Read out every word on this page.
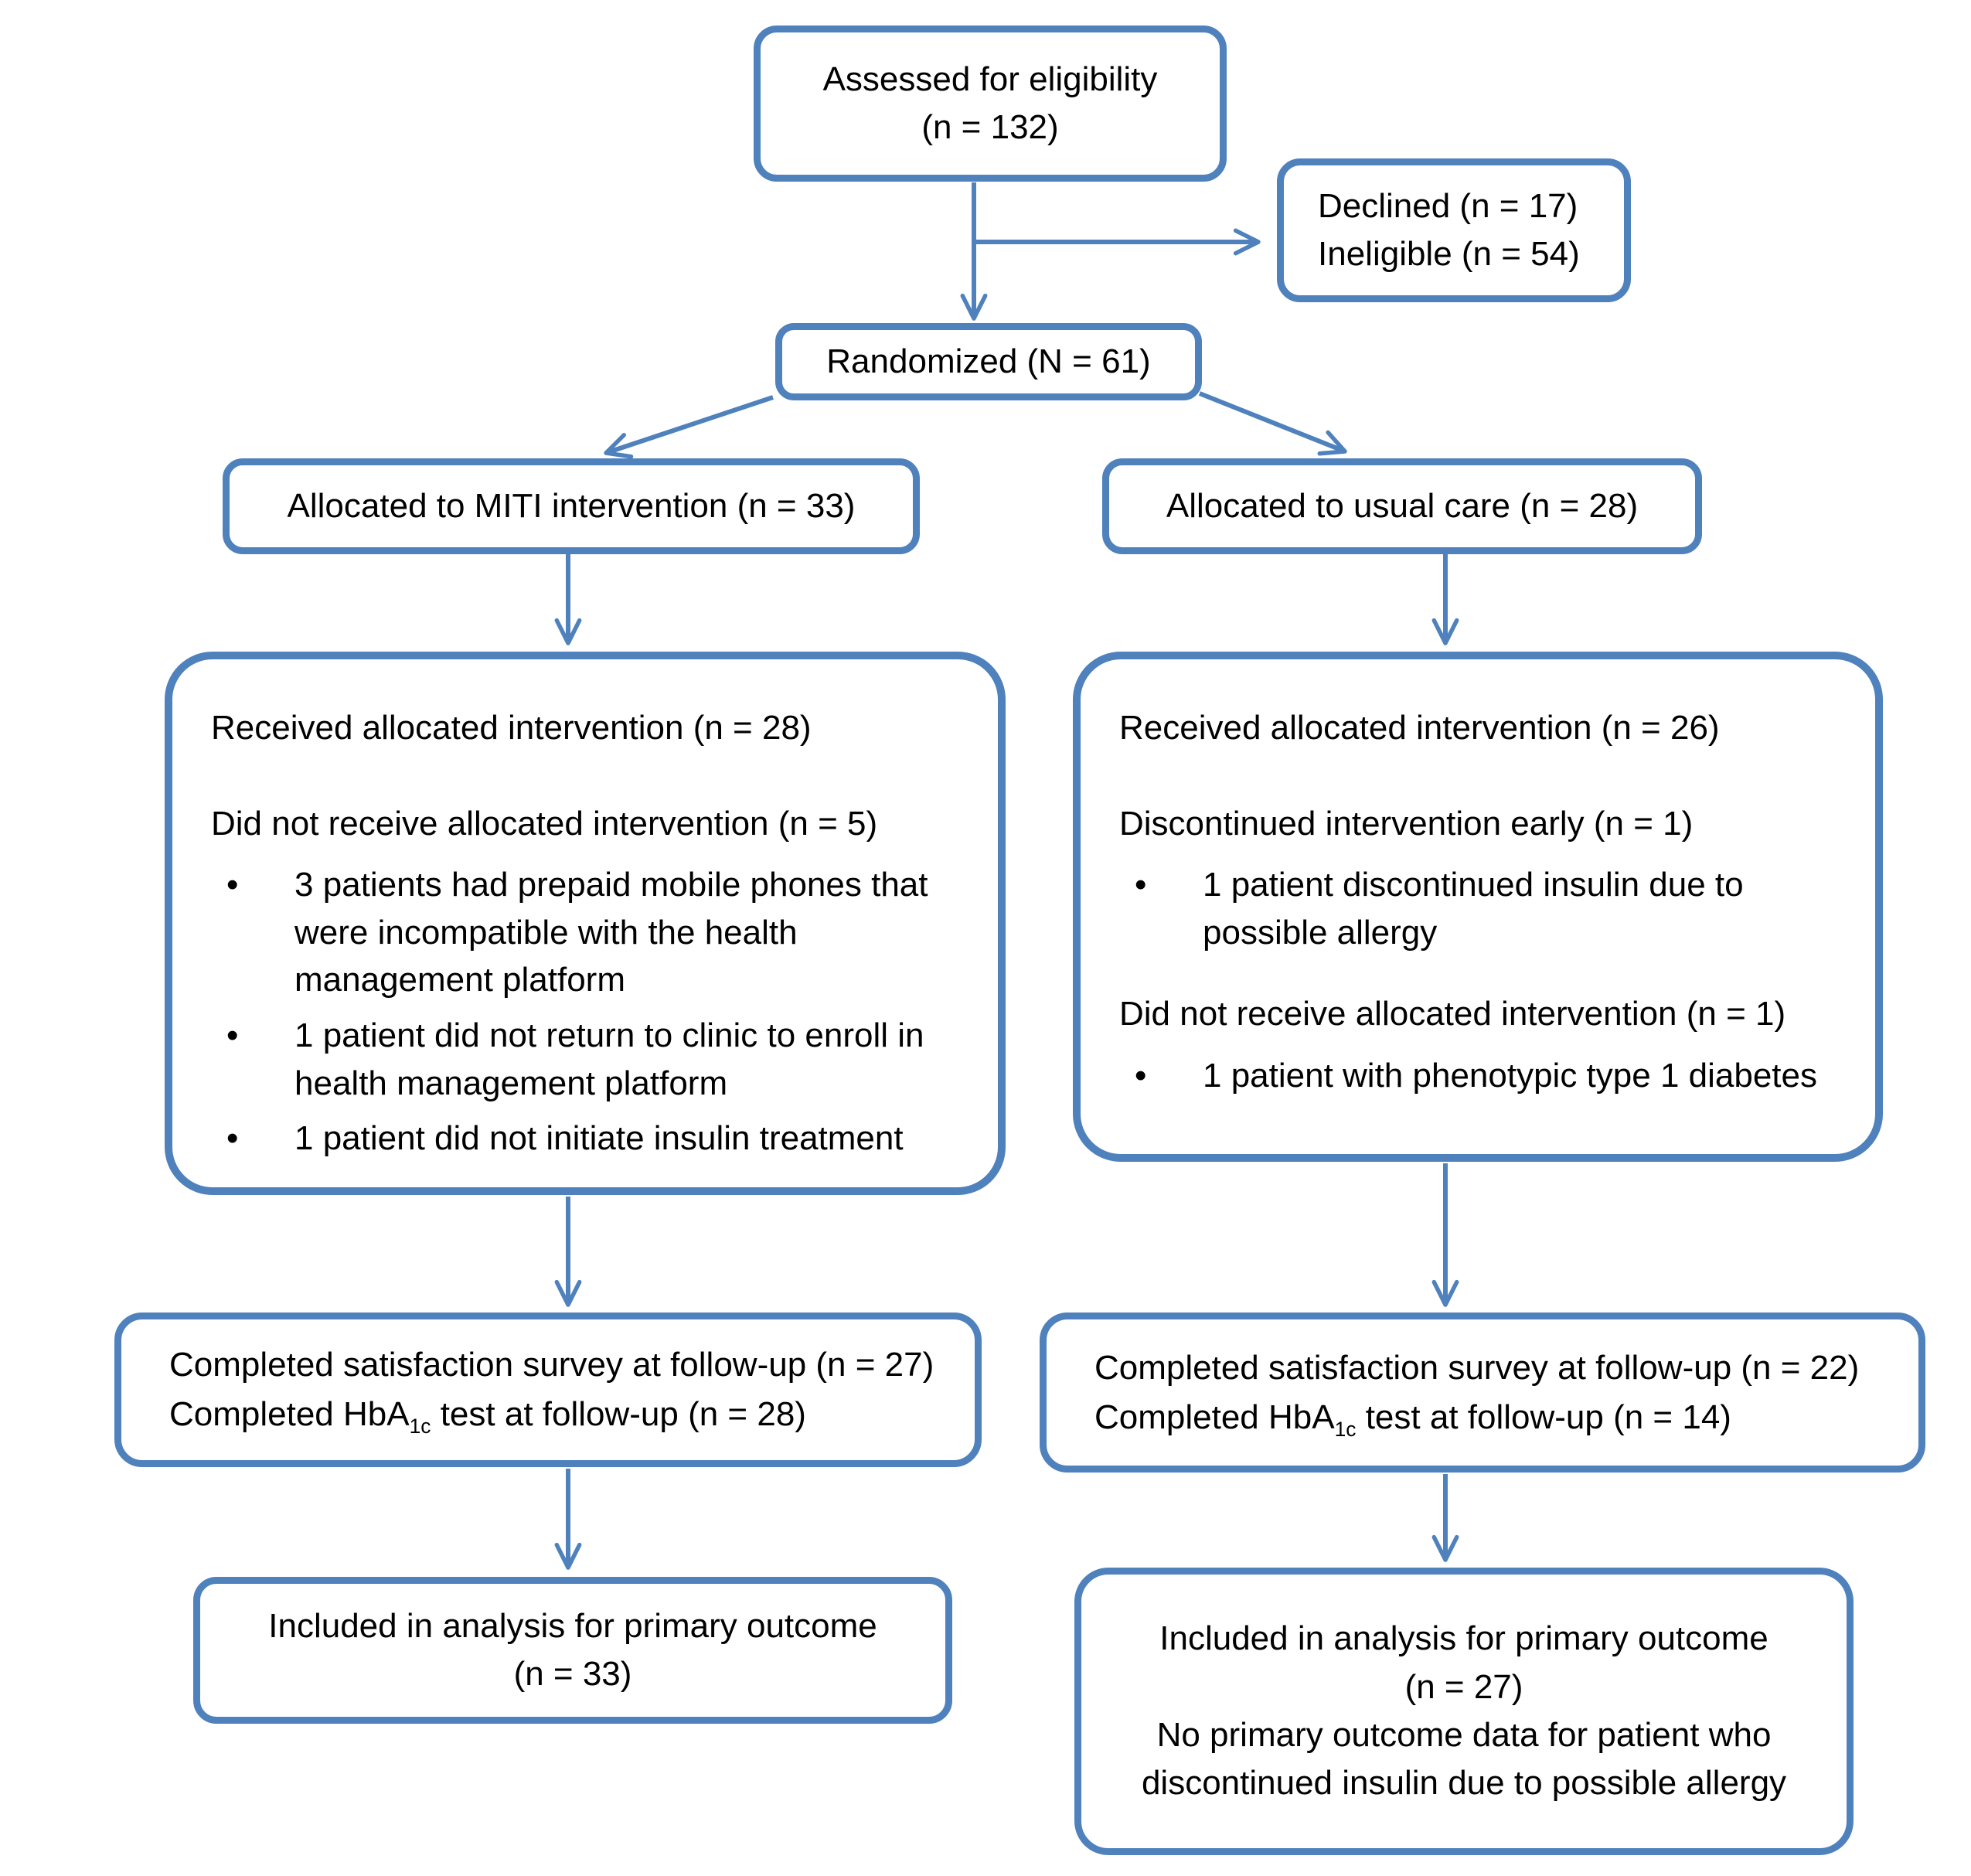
Assessed for eligibility
(n = 132)
Declined (n = 17)
Ineligible (n = 54)
Randomized (N = 61)
Allocated to MITI intervention (n = 33)	Allocated to usual care (n = 28)

Received allocated intervention (n = 28)

Did not receive allocated intervention (n = 5)

•	3 patients had prepaid mobile phones that were incompatible with the health management platform
•	1 patient did not return to clinic to enroll in health management platform
•	1 patient did not initiate insulin treatment

Received allocated intervention (n = 26)

Discontinued intervention early (n = 1)

•	1 patient discontinued insulin due to possible allergy

Did not receive allocated intervention (n = 1)

•	1 patient with phenotypic type 1 diabetes
Completed satisfaction survey at follow-up (n = 27)
Completed HbA$_{1c}$ test at follow-up (n = 28)
Completed satisfaction survey at follow-up (n = 22)
Completed HbA$_{1c}$ test at follow-up (n = 14)
Included in analysis for primary outcome
(n = 33)
Included in analysis for primary outcome
(n = 27)
No primary outcome data for patient who
discontinued insulin due to possible allergy
